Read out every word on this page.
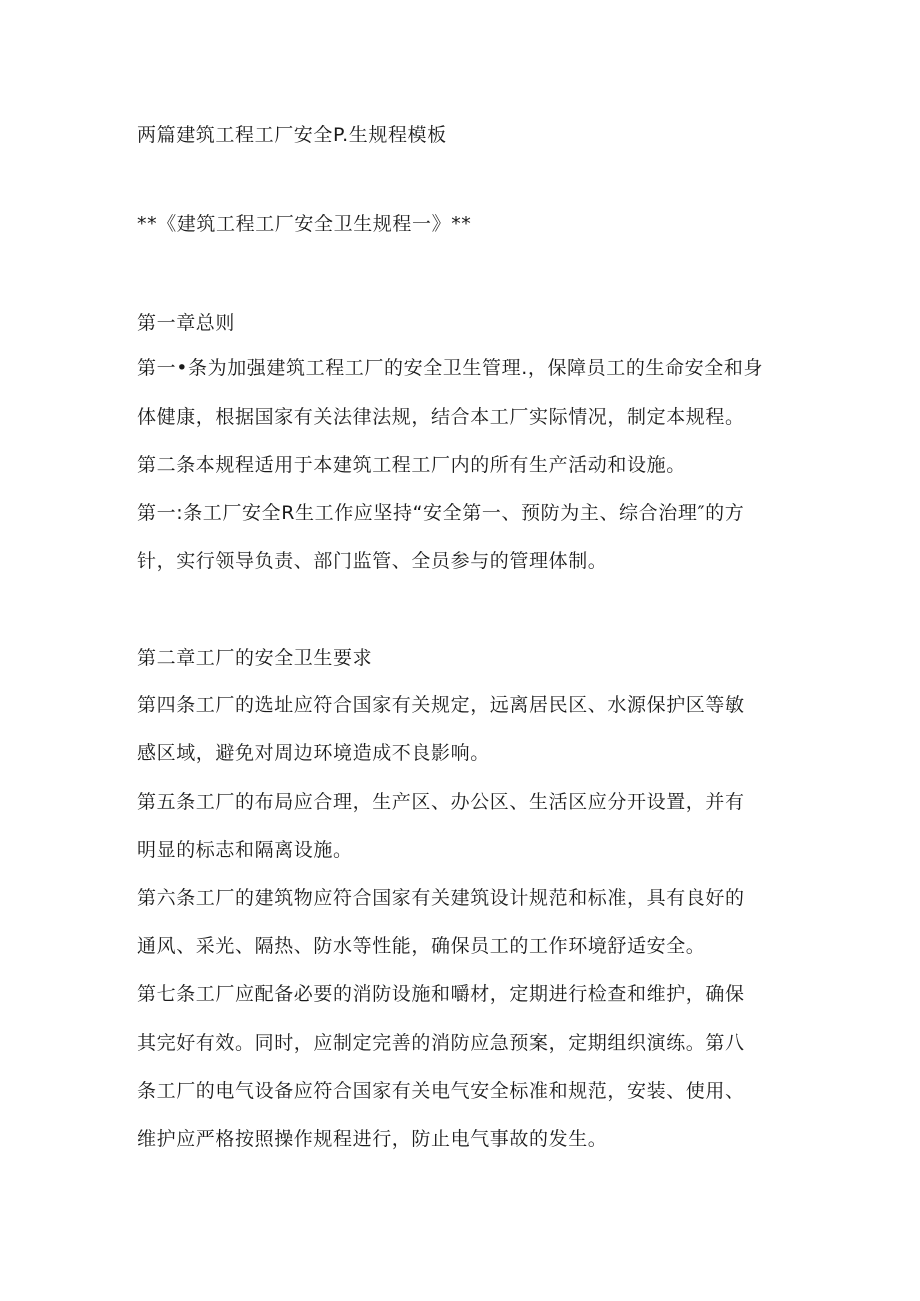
两篇建筑工程工厂安全P.生规程模板
**《建筑工程工厂安全卫生规程一》**
第一章总则
第一•条为加强建筑工程工厂的安全卫生管理.，保障员工的生命安全和身
体健康，根据国家有关法律法规，结合本工厂实际情况，制定本规程。
第二条本规程适用于本建筑工程工厂内的所有生产活动和设施。
第一:条工厂安全R生工作应坚持“安全第一、预防为主、综合治理″的方
针，实行领导负责、部门监管、全员参与的管理体制。
第二章工厂的安全卫生要求
第四条工厂的选址应符合国家有关规定，远离居民区、水源保护区等敏
感区域，避免对周边环境造成不良影响。
第五条工厂的布局应合理，生产区、办公区、生活区应分开设置，并有
明显的标志和隔离设施。
第六条工厂的建筑物应符合国家有关建筑设计规范和标准，具有良好的
通风、采光、隔热、防水等性能，确保员工的工作环境舒适安全。
第七条工厂应配备必要的消防设施和嚼材，定期进行检查和维护，确保
其完好有效。同时，应制定完善的消防应急预案，定期组织演练。第八
条工厂的电气设备应符合国家有关电气安全标准和规范，安装、使用、
维护应严格按照操作规程进行，防止电气事故的发生。
